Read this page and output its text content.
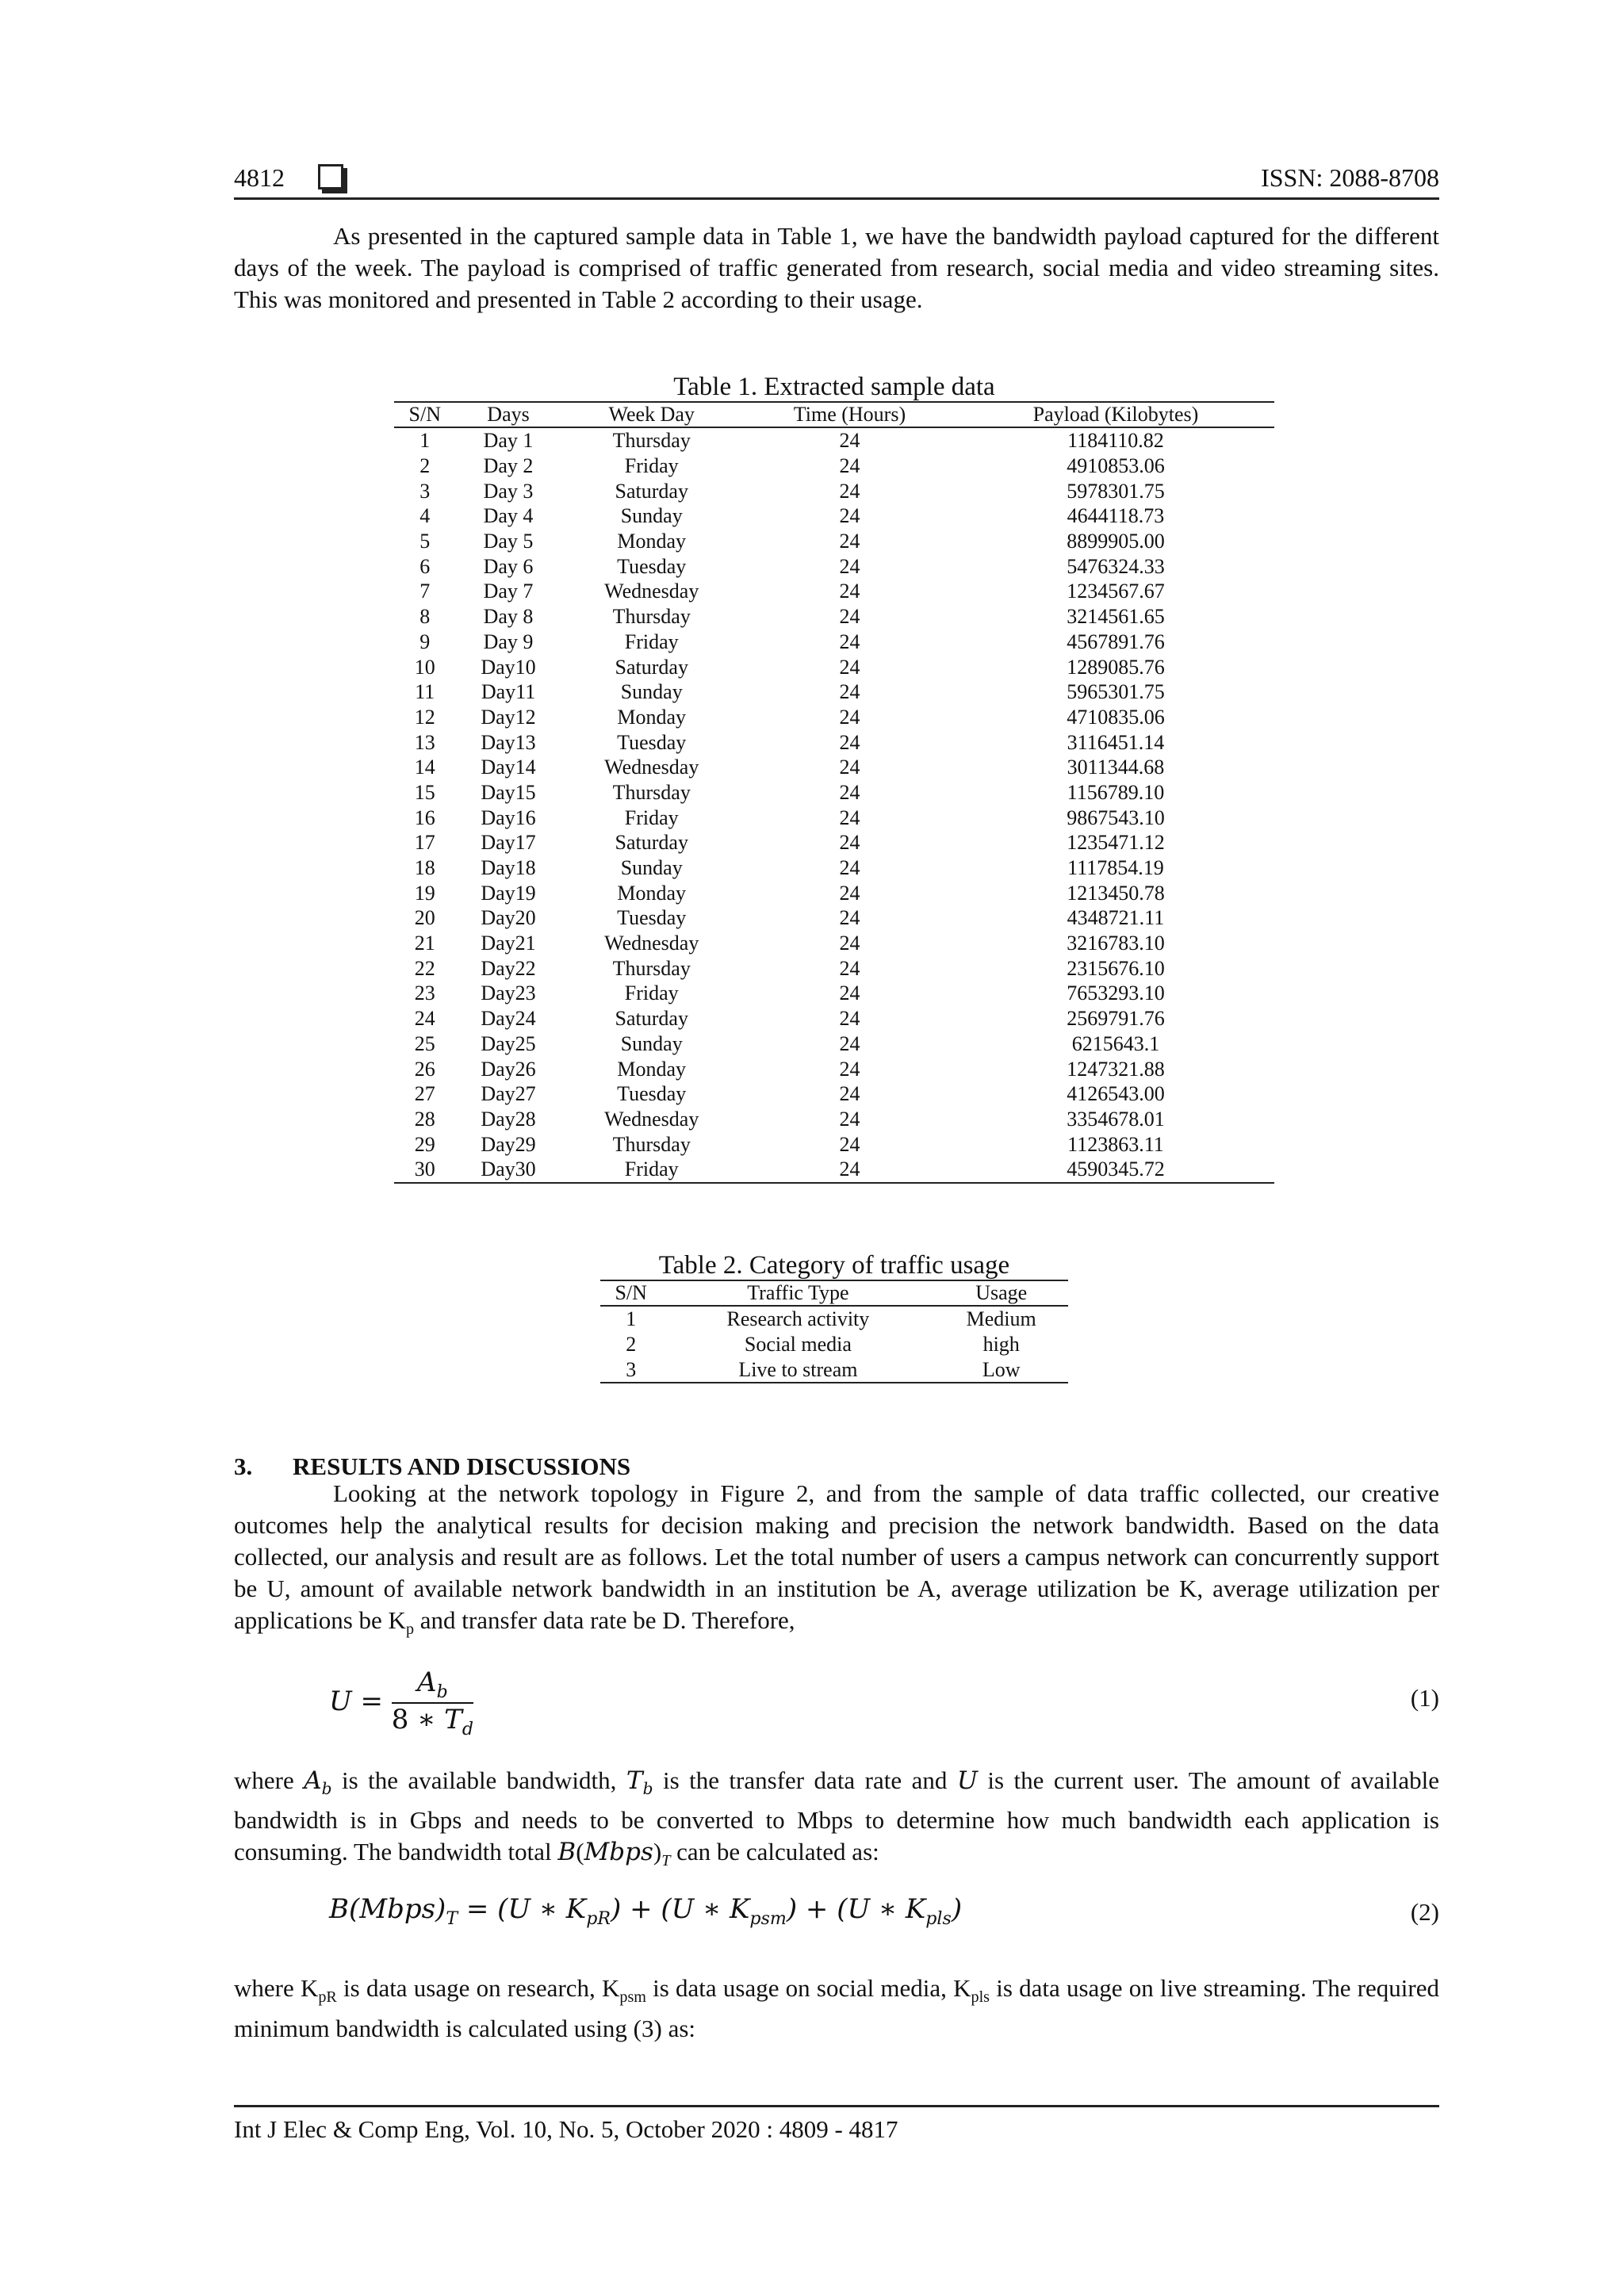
4812	ISSN: 2088-8708
As presented in the captured sample data in Table 1, we have the bandwidth payload captured for the different days of the week. The payload is comprised of traffic generated from research, social media and video streaming sites. This was monitored and presented in Table 2 according to their usage.
Table 1. Extracted sample data
S/N	Days	Week Day	Time (Hours)	Payload (Kilobytes)
1	Day 1	Thursday	24	1184110.82
2	Day 2	Friday	24	4910853.06
3	Day 3	Saturday	24	5978301.75
4	Day 4	Sunday	24	4644118.73
5	Day 5	Monday	24	8899905.00
6	Day 6	Tuesday	24	5476324.33
7	Day 7	Wednesday	24	1234567.67
8	Day 8	Thursday	24	3214561.65
9	Day 9	Friday	24	4567891.76
10	Day10	Saturday	24	1289085.76
11	Day11	Sunday	24	5965301.75
12	Day12	Monday	24	4710835.06
13	Day13	Tuesday	24	3116451.14
14	Day14	Wednesday	24	3011344.68
15	Day15	Thursday	24	1156789.10
16	Day16	Friday	24	9867543.10
17	Day17	Saturday	24	1235471.12
18	Day18	Sunday	24	1117854.19
19	Day19	Monday	24	1213450.78
20	Day20	Tuesday	24	4348721.11
21	Day21	Wednesday	24	3216783.10
22	Day22	Thursday	24	2315676.10
23	Day23	Friday	24	7653293.10
24	Day24	Saturday	24	2569791.76
25	Day25	Sunday	24	6215643.1
26	Day26	Monday	24	1247321.88
27	Day27	Tuesday	24	4126543.00
28	Day28	Wednesday	24	3354678.01
29	Day29	Thursday	24	1123863.11
30	Day30	Friday	24	4590345.72
Table 2. Category of traffic usage
S/N	Traffic Type	Usage
1	Research activity	Medium
2	Social media	high
3	Live to stream	Low
3. RESULTS AND DISCUSSIONS
Looking at the network topology in Figure 2, and from the sample of data traffic collected, our creative outcomes help the analytical results for decision making and precision the network bandwidth. Based on the data collected, our analysis and result are as follows. Let the total number of users a campus network can concurrently support be U, amount of available network bandwidth in an institution be A, average utilization be K, average utilization per applications be $K_p$ and transfer data rate be D. Therefore,
$U = \frac{A_b}{8 ∗ T_d}$	(1)
where $A_b$ is the available bandwidth, $T_b$ is the transfer data rate and U is the current user. The amount of available bandwidth is in Gbps and needs to be converted to Mbps to determine how much bandwidth each application is consuming. The bandwidth total $B(Mbps)_T$ can be calculated as:
$B(Mbps)_T = (U$ ∗ $K_{pR}) + (U$ ∗ $K_{psm}) + (U$ ∗ $K_{pls}$)	(2)
where $K_{pR}$ is data usage on research, $K_{psm}$ is data usage on social media, $K_{pls}$ is data usage on live streaming. The required minimum bandwidth is calculated using (3) as:
Int J Elec & Comp Eng, Vol. 10, No. 5, October 2020 : 4809 - 4817
